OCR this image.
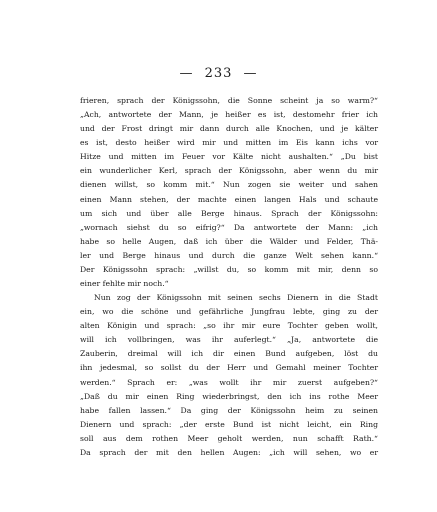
— 233 —
frieren, sprach der Königssohn, die Sonne scheint ja so warm?“
„Ach, antwortete der Mann, je heißer es ist, destomehr frier ich
und der Frost dringt mir dann durch alle Knochen, und je kälter
es ist, desto heißer wird mir und mitten im Eis kann ichs vor
Hitze und mitten im Feuer vor Kälte nicht aushalten.“ „Du bist
ein wunderlicher Kerl, sprach der Königssohn, aber wenn du mir
dienen willst, so komm mit.“ Nun zogen sie weiter und sahen
einen Mann stehen, der machte einen langen Hals und schaute
um sich und über alle Berge hinaus. Sprach der Königssohn:
„wornach siehst du so eifrig?“ Da antwortete der Mann: „ich
habe so helle Augen, daß ich über die Wälder und Felder, Thä-
ler und Berge hinaus und durch die ganze Welt sehen kann.“
Der Königssohn sprach: „willst du, so komm mit mir, denn so
einer fehlte mir noch.“
Nun zog der Königssohn mit seinen sechs Dienern in die Stadt
ein, wo die schöne und gefährliche Jungfrau lebte, ging zu der
alten Königin und sprach: „so ihr mir eure Tochter geben wollt,
will ich vollbringen, was ihr auferlegt.“ „Ja, antwortete die
Zauberin, dreimal will ich dir einen Bund aufgeben, löst du
ihn jedesmal, so sollst du der Herr und Gemahl meiner Tochter
werden.“ Sprach er: „was wollt ihr mir zuerst aufgeben?“
„Daß du mir einen Ring wiederbringst, den ich ins rothe Meer
habe fallen lassen.“ Da ging der Königssohn heim zu seinen
Dienern und sprach: „der erste Bund ist nicht leicht, ein Ring
soll aus dem rothen Meer geholt werden, nun schafft Rath.“
Da sprach der mit den hellen Augen: „ich will sehen, wo er
